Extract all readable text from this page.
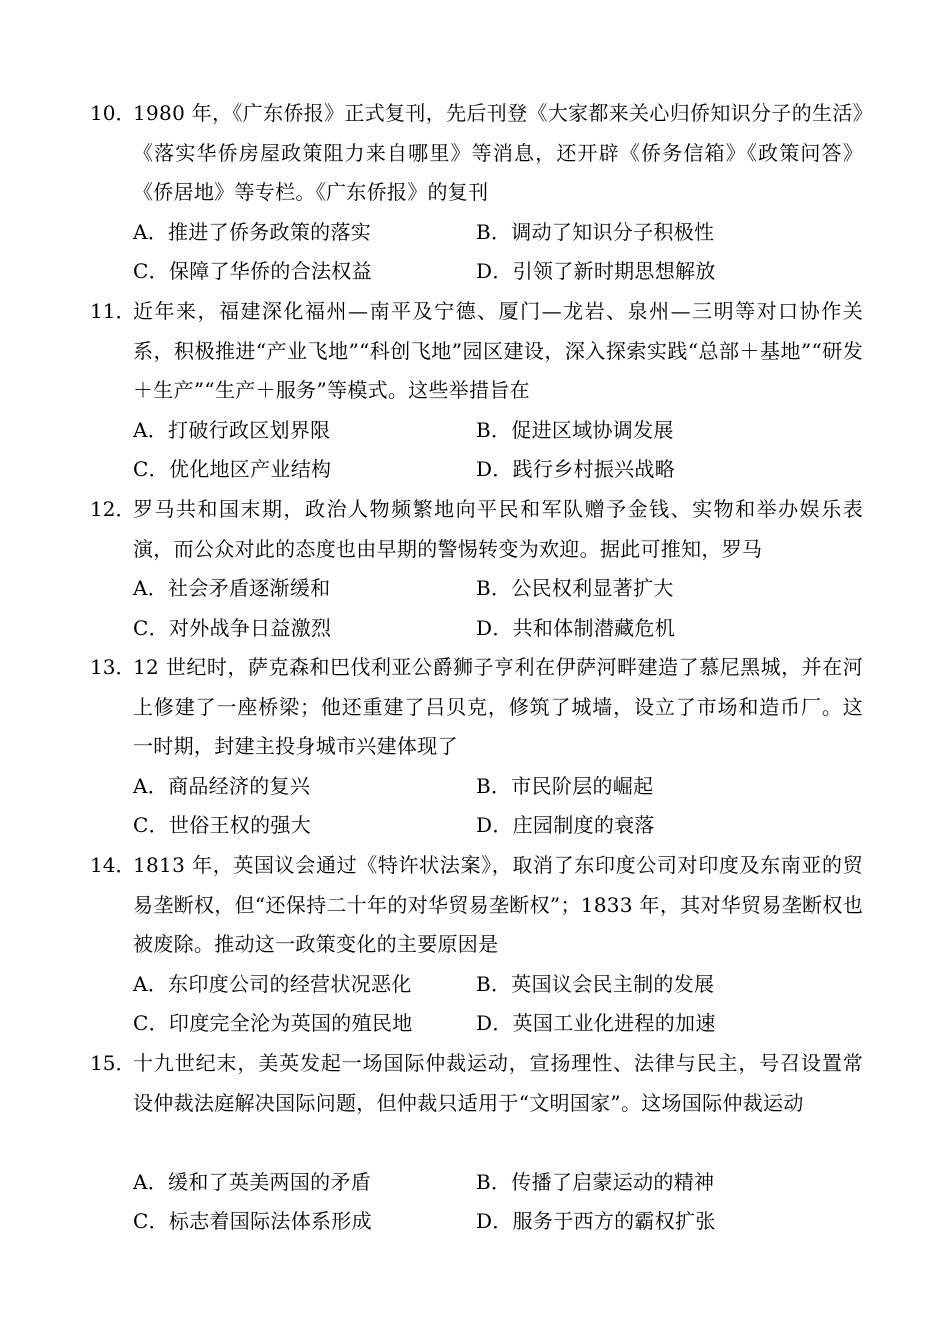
10．
1980 年，《广东侨报》正式复刊，先后刊登《大家都来关心归侨知识分子的生活》《落实华侨房屋政策阻力来自哪里》等消息，还开辟《侨务信箱》《政策问答》《侨居地》等专栏。《广东侨报》的复刊
A．推进了侨务政策的落实	B．调动了知识分子积极性
C．保障了华侨的合法权益	D．引领了新时期思想解放
11．
近年来，福建深化福州—南平及宁德、厦门—龙岩、泉州—三明等对口协作关系，积极推进“产业飞地”“科创飞地”园区建设，深入探索实践“总部＋基地”“研发＋生产”“生产＋服务”等模式。这些举措旨在
A．打破行政区划界限	B．促进区域协调发展
C．优化地区产业结构	D．践行乡村振兴战略
12．
罗马共和国末期，政治人物频繁地向平民和军队赠予金钱、实物和举办娱乐表演，而公众对此的态度也由早期的警惕转变为欢迎。据此可推知，罗马
A．社会矛盾逐渐缓和	B．公民权利显著扩大
C．对外战争日益激烈	D．共和体制潜藏危机
13．
12 世纪时，萨克森和巴伐利亚公爵狮子亨利在伊萨河畔建造了慕尼黑城，并在河上修建了一座桥梁；他还重建了吕贝克，修筑了城墙，设立了市场和造币厂。这一时期，封建主投身城市兴建体现了
A．商品经济的复兴	B．市民阶层的崛起
C．世俗王权的强大	D．庄园制度的衰落
14．
1813 年，英国议会通过《特许状法案》，取消了东印度公司对印度及东南亚的贸易垄断权，但“还保持二十年的对华贸易垄断权”；1833 年，其对华贸易垄断权也被废除。推动这一政策变化的主要原因是
A．东印度公司的经营状况恶化	B．英国议会民主制的发展
C．印度完全沦为英国的殖民地	D．英国工业化进程的加速
15．
十九世纪末，美英发起一场国际仲裁运动，宣扬理性、法律与民主，号召设置常设仲裁法庭解决国际问题，但仲裁只适用于“文明国家”。这场国际仲裁运动
A．缓和了英美两国的矛盾	B．传播了启蒙运动的精神
C．标志着国际法体系形成	D．服务于西方的霸权扩张
